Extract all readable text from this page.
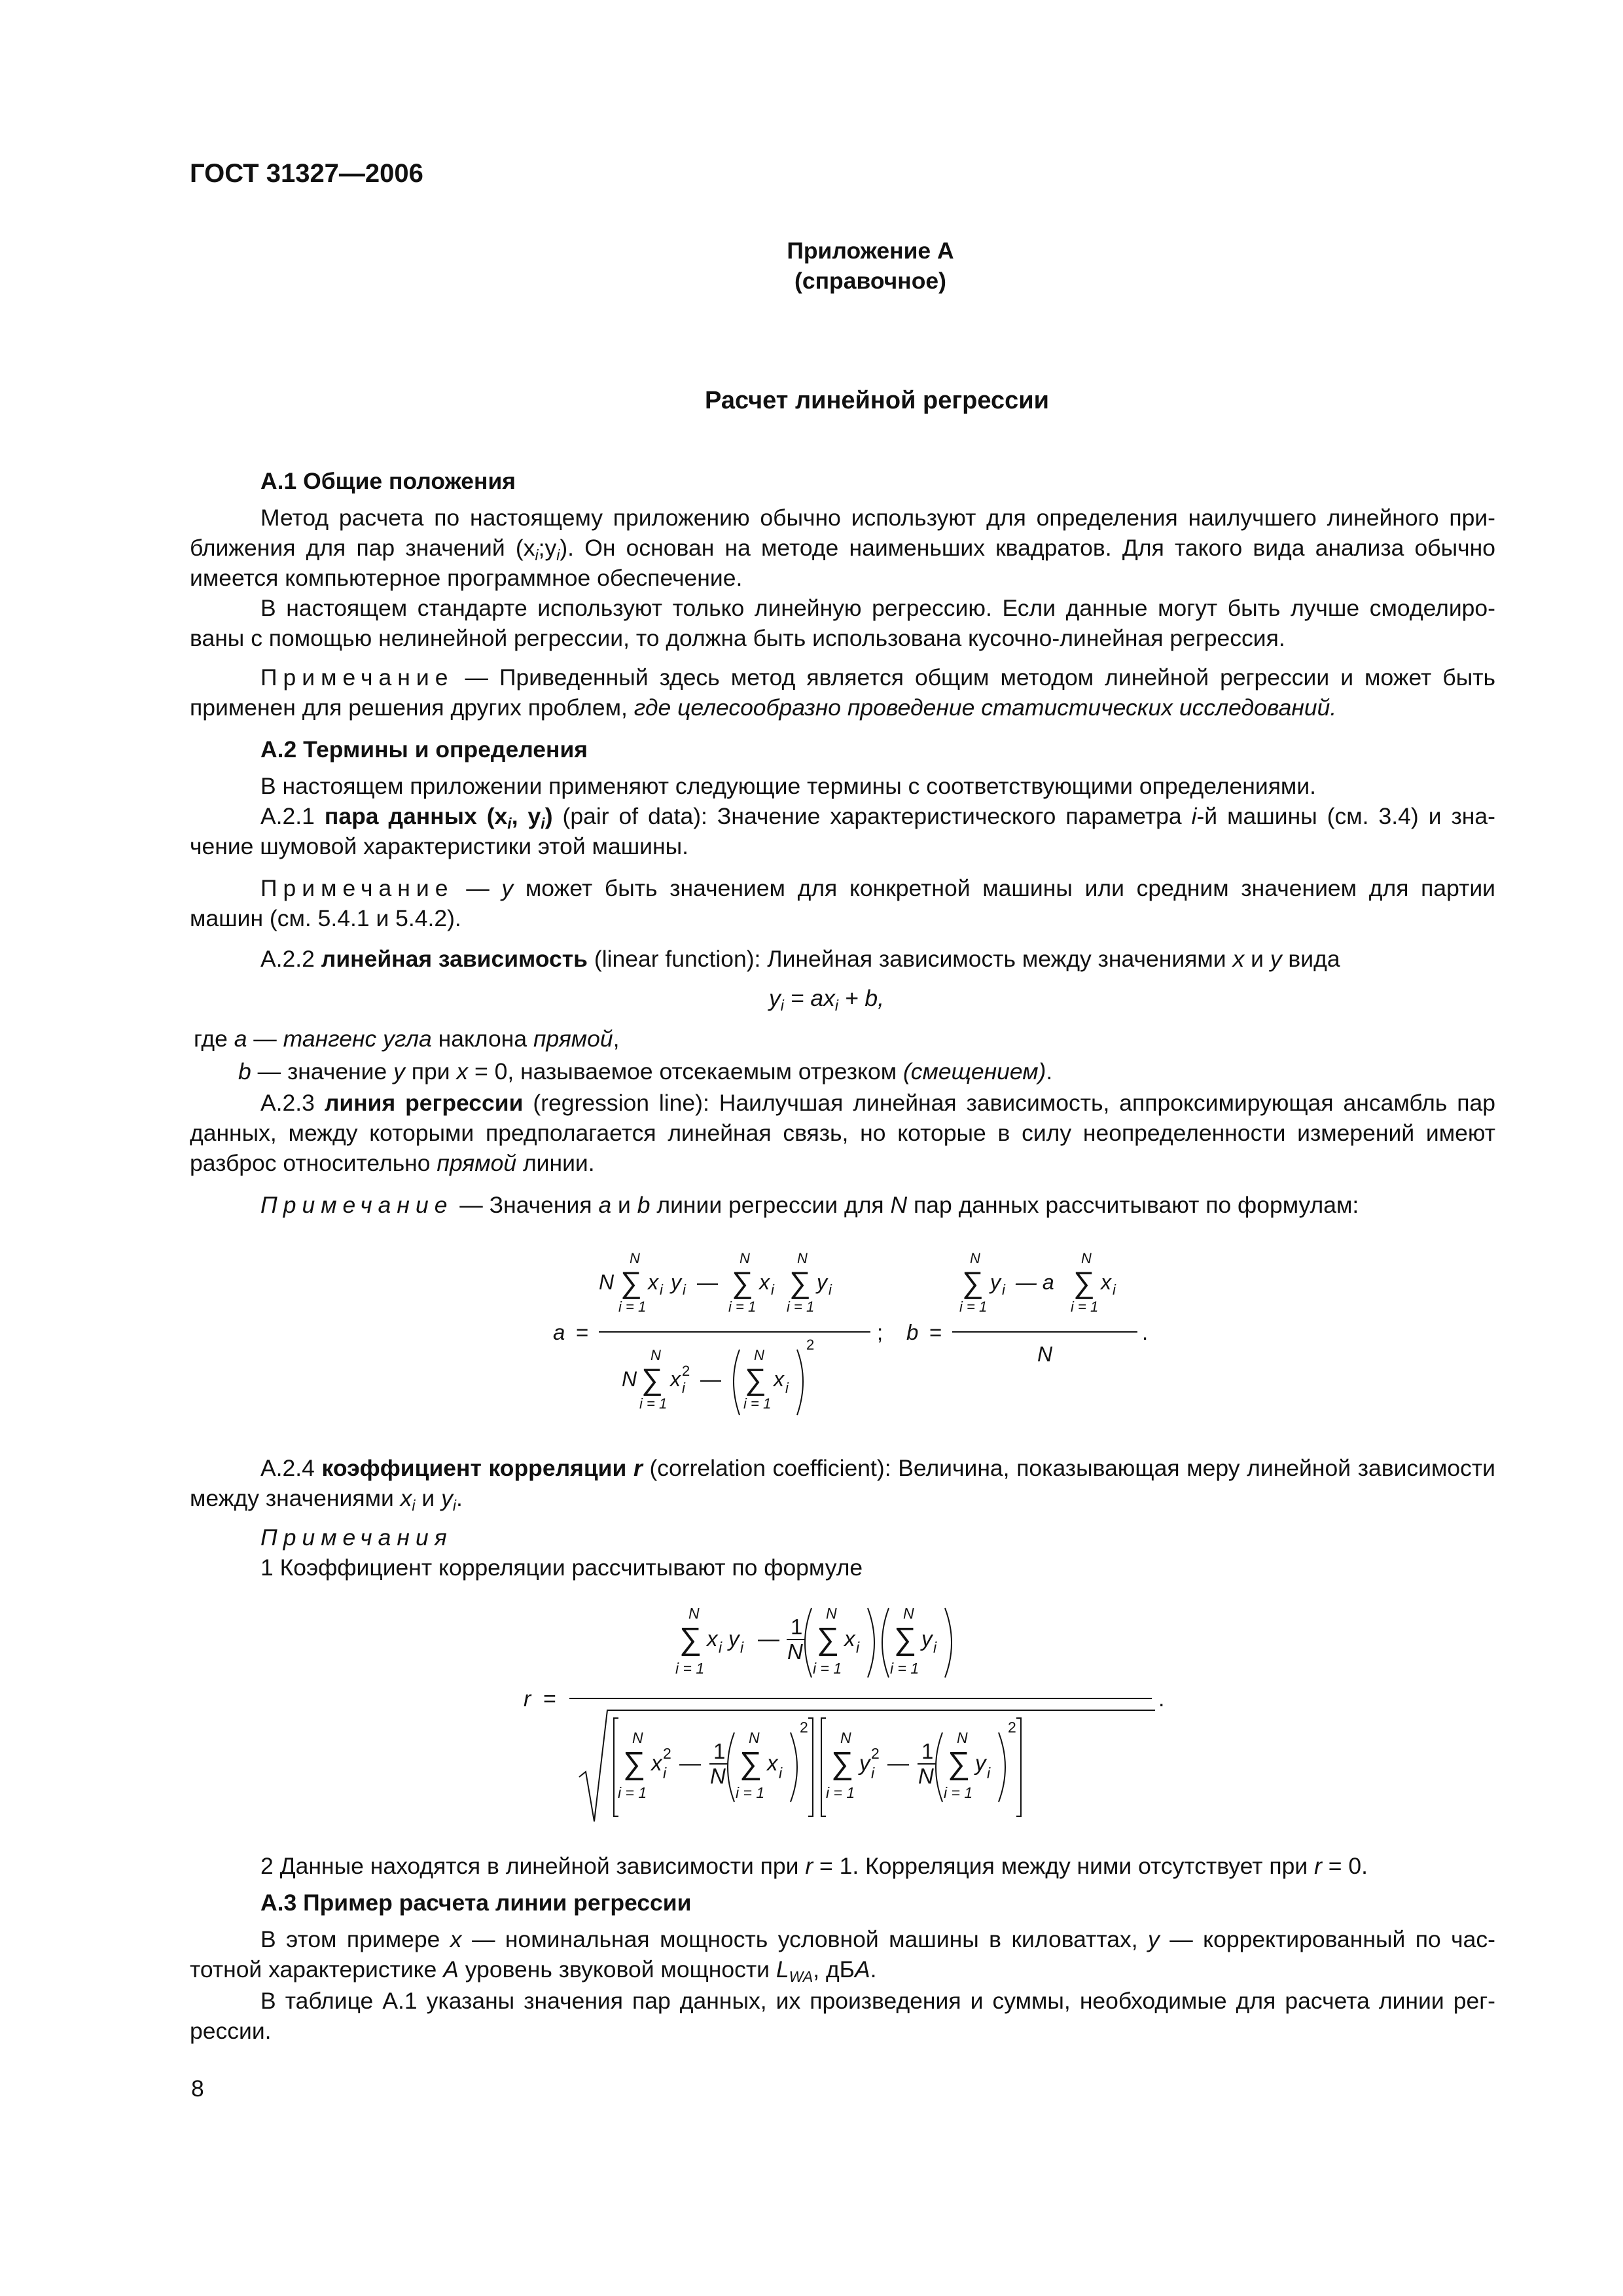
ГОСТ 31327—2006
Приложение А
(справочное)
Расчет линейной регрессии
А.1 Общие положения

Метод расчета по настоящему приложению обычно используют для определения наилучшего линейного приближения для пар значений $(x_i;y_i)$. Он основан на методе наименьших квадратов. Для такого вида анализа обычно имеется компьютерное программное обеспечение.

В настоящем стандарте используют только линейную регрессию. Если данные могут быть лучше смоделированы с помощью нелинейной регрессии, то должна быть использована кусочно-линейная регрессия.

Примечание — Приведенный здесь метод является общим методом линейной регрессии и может быть применен для решения других проблем, где целесообразно проведение статистических исследований.

А.2 Термины и определения

В настоящем приложении применяют следующие термины с соответствующими определениями.

А.2.1 пара данных ($x_i$, $y_i$) (pair of data): Значение характеристического параметра i-й машины (см. 3.4) и значение шумовой характеристики этой машины.

Примечание — y может быть значением для конкретной машины или средним значением для партии машин (см. 5.4.1 и 5.4.2).

А.2.2 линейная зависимость (linear function): Линейная зависимость между значениями x и y вида

$y_i = ax_i + b$,
где a — тангенс угла наклона прямой,
b — значение y при x = 0, называемое отсекаемым отрезком (смещением).

А.2.3 линия регрессии (regression line): Наилучшая линейная зависимость, аппроксимирующая ансамбль пар данных, между которыми предполагается линейная связь, но которые в силу неопределенности измерений имеют разброс относительно прямой линии.

Примечание — Значения a и b линии регрессии для N пар данных рассчитывают по формулам:

a =
N ∑
N
i = 1
x i y i — ∑
N
i = 1
x i ∑
N
i = 1
y i
N ∑
N
i = 1
x i
2 — ∑
N
i = 1
x i
2
; b =
∑
N
i = 1
y i — a ∑
N
i = 1
x i
N
.

А.2.4 коэффициент корреляции r (correlation coefficient): Величина, показывающая меру линейной зависимости между значениями $x_i$ и $y_i$.

Примечания
1 Коэффициент корреляции рассчитывают по формуле
r =
∑
N
i = 1
x i y i — 1
N ∑
N
i = 1
x i ∑
N
i = 1
y i
∑
N
i = 1
x i
2 — 1
N ∑
N
i = 1
x i
2
∑
N
i = 1
y i
2 — 1
N ∑
N
i = 1
y i
2
.
2 Данные находятся в линейной зависимости при r = 1. Корреляция между ними отсутствует при r = 0.
А.3 Пример расчета линии регрессии

В этом примере x — номинальная мощность условной машины в киловаттах, y — корректированный по частотной характеристике A уровень звуковой мощности $L_{WA}$, дБA.

В таблице А.1 указаны значения пар данных, их произведения и суммы, необходимые для расчета линии регрессии.

8
